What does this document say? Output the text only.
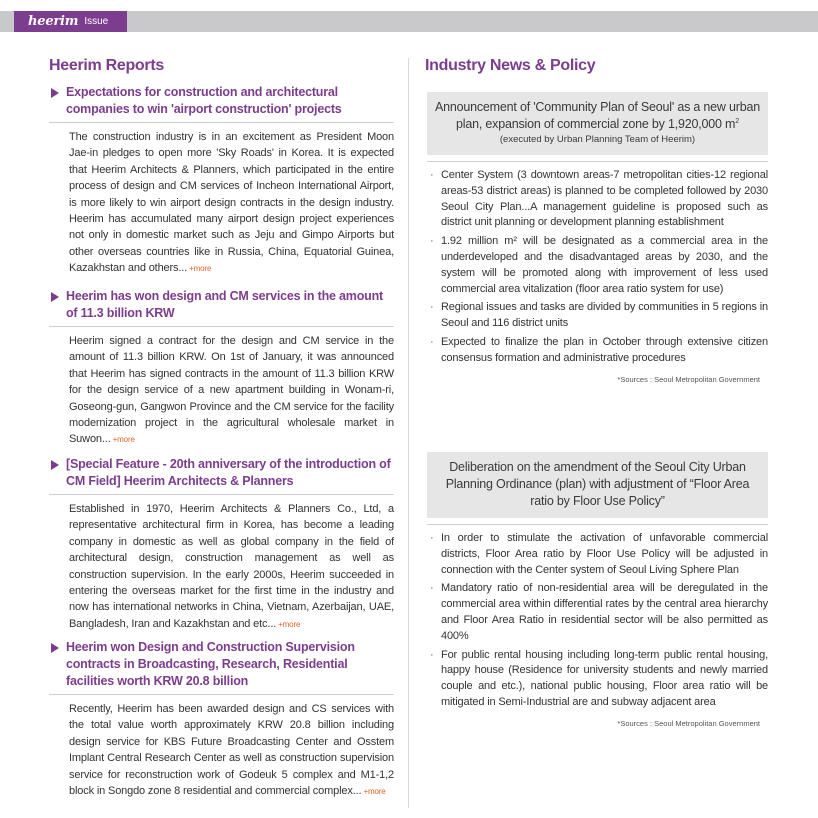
heerim Issue
Heerim Reports
Expectations for construction and architectural companies to win 'airport construction' projects
The construction industry is in an excitement as President Moon Jae-in pledges to open more 'Sky Roads' in Korea. It is expected that Heerim Architects & Planners, which participated in the entire process of design and CM services of Incheon International Airport, is more likely to win airport design contracts in the design industry. Heerim has accumulated many airport design project experiences not only in domestic market such as Jeju and Gimpo Airports but other overseas countries like in Russia, China, Equatorial Guinea, Kazakhstan and others... +more
Heerim has won design and CM services in the amount of 11.3 billion KRW
Heerim signed a contract for the design and CM service in the amount of 11.3 billion KRW. On 1st of January, it was announced that Heerim has signed contracts in the amount of 11.3 billion KRW for the design service of a new apartment building in Wonam-ri, Goseong-gun, Gangwon Province and the CM service for the facility modernization project in the agricultural wholesale market in Suwon... +more
[Special Feature - 20th anniversary of the introduction of CM Field] Heerim Architects & Planners
Established in 1970, Heerim Architects & Planners Co., Ltd, a representative architectural firm in Korea, has become a leading company in domestic as well as global company in the field of architectural design, construction management as well as construction supervision. In the early 2000s, Heerim succeeded in entering the overseas market for the first time in the industry and now has international networks in China, Vietnam, Azerbaijan, UAE, Bangladesh, Iran and Kazakhstan and etc... +more
Heerim won Design and Construction Supervision contracts in Broadcasting, Research, Residential facilities worth KRW 20.8 billion
Recently, Heerim has been awarded design and CS services with the total value worth approximately KRW 20.8 billion including design service for KBS Future Broadcasting Center and Osstem Implant Central Research Center as well as construction supervision service for reconstruction work of Godeuk 5 complex and M1-1,2 block in Songdo zone 8 residential and commercial complex... +more
Industry News & Policy
Announcement of 'Community Plan of Seoul' as a new urban plan, expansion of commercial zone by 1,920,000 $m^2$
(executed by Urban Planning Team of Heerim)
· Center System (3 downtown areas-7 metropolitan cities-12 regional areas-53 district areas) is planned to be completed followed by 2030 Seoul City Plan...A management guideline is proposed such as district unit planning or development planning establishment
· 1.92 million m² will be designated as a commercial area in the underdeveloped and the disadvantaged areas by 2030, and the system will be promoted along with improvement of less used commercial area vitalization (floor area ratio system for use)
· Regional issues and tasks are divided by communities in 5 regions in Seoul and 116 district units
· Expected to finalize the plan in October through extensive citizen consensus formation and administrative procedures
*Sources : Seoul Metropolitan Government
Deliberation on the amendment of the Seoul City Urban Planning Ordinance (plan) with adjustment of “Floor Area ratio by Floor Use Policy”
· In order to stimulate the activation of unfavorable commercial districts, Floor Area ratio by Floor Use Policy will be adjusted in connection with the Center system of Seoul Living Sphere Plan
· Mandatory ratio of non-residential area will be deregulated in the commercial area within differential rates by the central area hierarchy and Floor Area Ratio in residential sector will be also permitted as 400%
· For public rental housing including long-term public rental housing, happy house (Residence for university students and newly married couple and etc.), national public housing, Floor area ratio will be mitigated in Semi-Industrial are and subway adjacent area
*Sources : Seoul Metropolitan Government
